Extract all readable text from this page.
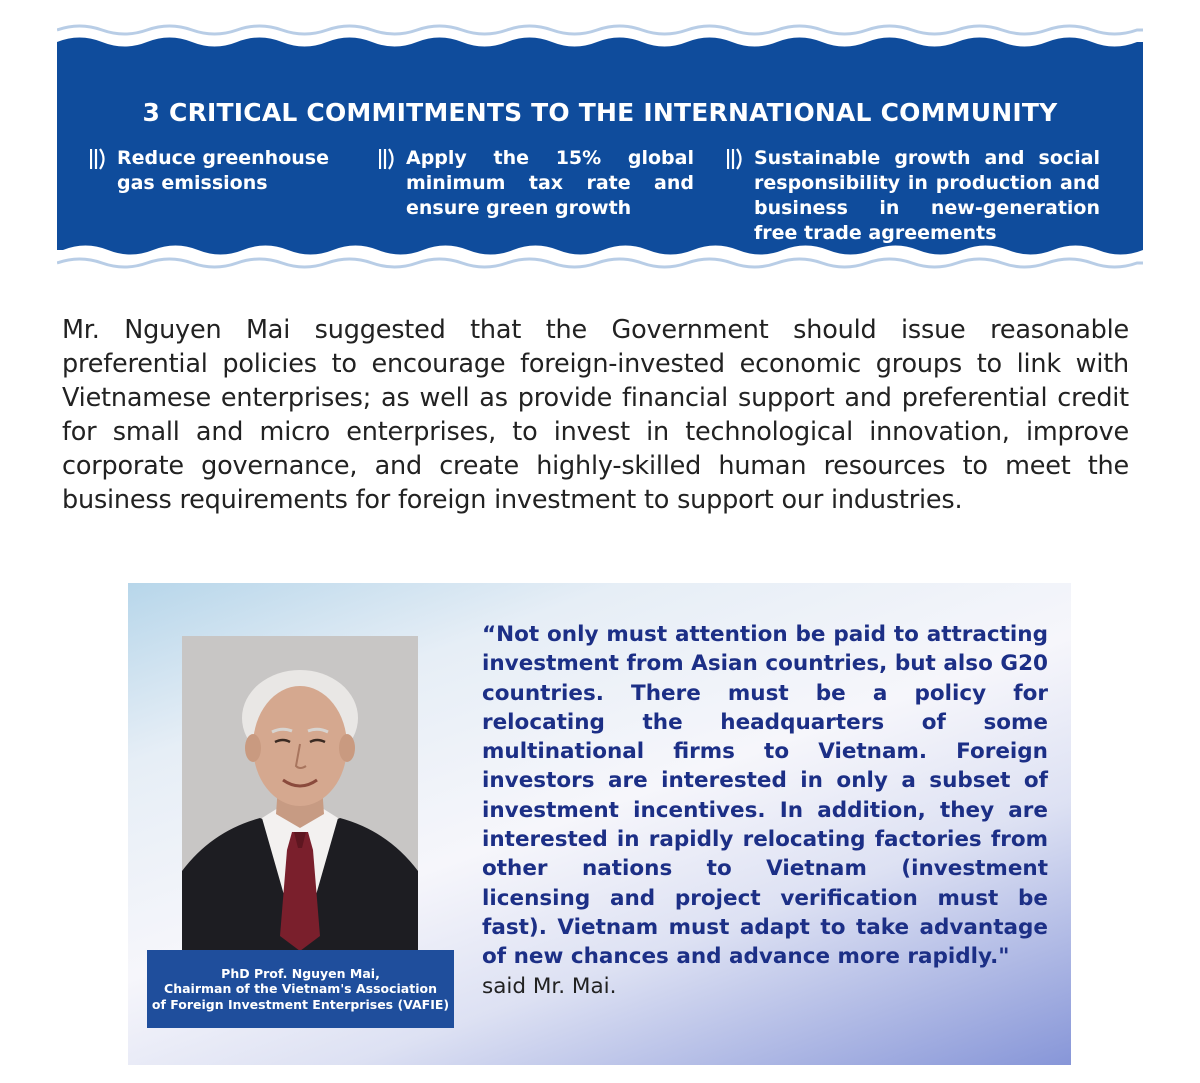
3 CRITICAL COMMITMENTS TO THE INTERNATIONAL COMMUNITY
Reduce greenhouse gas emissions
Apply the 15% global minimum tax rate and ensure green growth
Sustainable growth and social responsibility in production and business in new-generation free trade agreements
Mr. Nguyen Mai suggested that the Government should issue reasonable preferential policies to encourage foreign-invested economic groups to link with Vietnamese enterprises; as well as provide financial support and preferential credit for small and micro enterprises, to invest in technological innovation, improve corporate governance, and create highly-skilled human resources to meet the business requirements for foreign investment to support our industries.
PhD Prof. Nguyen Mai,
Chairman of the Vietnam's Association
of Foreign Investment Enterprises (VAFIE)
“Not only must attention be paid to attracting investment from Asian countries, but also G20 countries. There must be a policy for relocating the headquarters of some multinational firms to Vietnam. Foreign investors are interested in only a subset of investment incentives. In addition, they are interested in rapidly relocating factories from other nations to Vietnam (investment licensing and project verification must be fast). Vietnam must adapt to take advantage of new chances and advance more rapidly."
said Mr. Mai.
